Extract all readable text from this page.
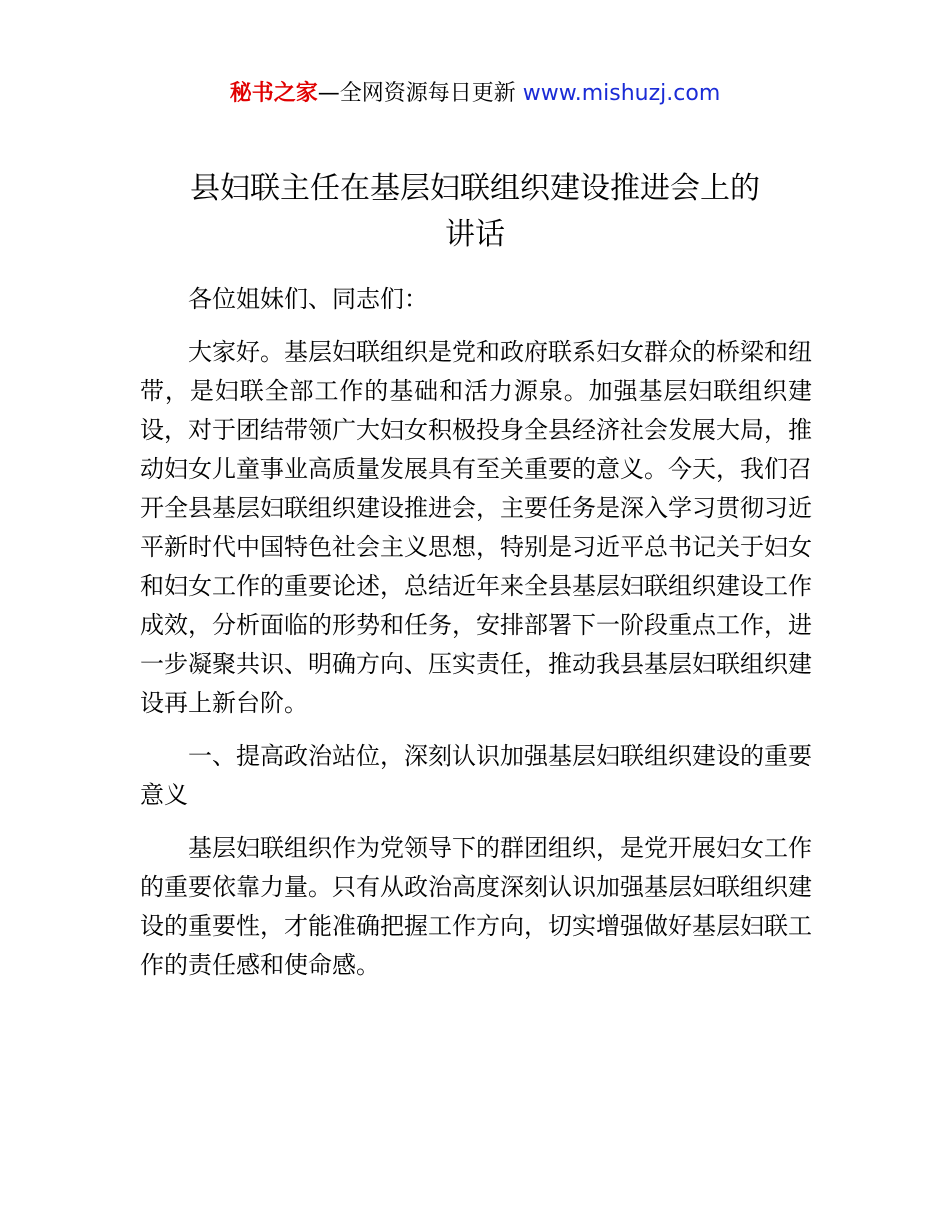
秘书之家—全网资源每日更新 www.mishuzj.com
县妇联主任在基层妇联组织建设推进会上的
讲话

各位姐妹们、同志们：

大家好。基层妇联组织是党和政府联系妇女群众的桥梁和纽带，是妇联全部工作的基础和活力源泉。加强基层妇联组织建设，对于团结带领广大妇女积极投身全县经济社会发展大局，推动妇女儿童事业高质量发展具有至关重要的意义。今天，我们召开全县基层妇联组织建设推进会，主要任务是深入学习贯彻习近平新时代中国特色社会主义思想，特别是习近平总书记关于妇女和妇女工作的重要论述，总结近年来全县基层妇联组织建设工作成效，分析面临的形势和任务，安排部署下一阶段重点工作，进一步凝聚共识、明确方向、压实责任，推动我县基层妇联组织建设再上新台阶。

一、提高政治站位，深刻认识加强基层妇联组织建设的重要意义

基层妇联组织作为党领导下的群团组织，是党开展妇女工作的重要依靠力量。只有从政治高度深刻认识加强基层妇联组织建设的重要性，才能准确把握工作方向，切实增强做好基层妇联工作的责任感和使命感。
